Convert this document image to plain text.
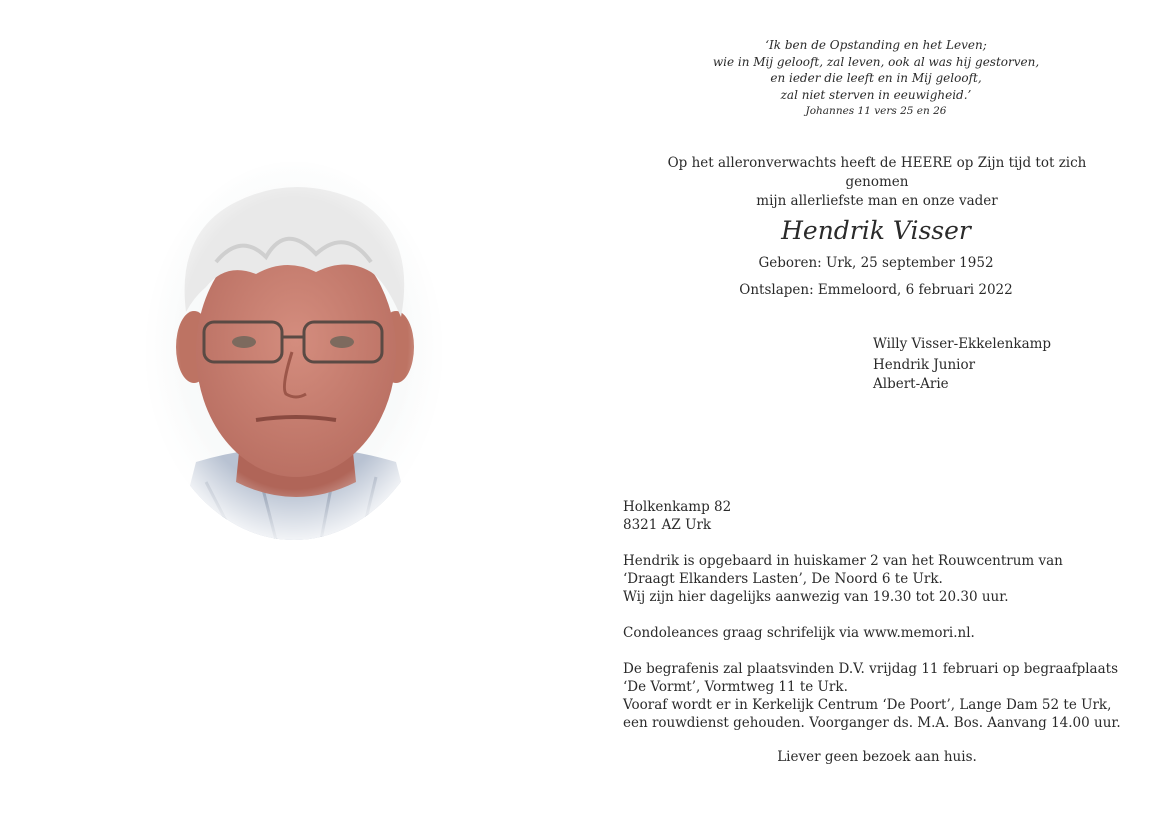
‘Ik ben de Opstanding en het Leven;
wie in Mij gelooft, zal leven, ook al was hij gestorven,
en ieder die leeft en in Mij gelooft,
zal niet sterven in eeuwigheid.’
Johannes 11 vers 25 en 26
Op het alleronverwachts heeft de HEERE op Zijn tijd tot zich genomen
mijn allerliefste man en onze vader
Hendrik Visser
Geboren: Urk, 25 september 1952
Ontslapen: Emmeloord, 6 februari 2022
Willy Visser-Ekkelenkamp
Hendrik Junior
Albert-Arie
Holkenkamp 82
8321 AZ Urk
Hendrik is opgebaard in huiskamer 2 van het Rouwcentrum van
‘Draagt Elkanders Lasten’, De Noord 6 te Urk.
Wij zijn hier dagelijks aanwezig van 19.30 tot 20.30 uur.
Condoleances graag schrifelijk via www.memori.nl.
De begrafenis zal plaatsvinden D.V. vrijdag 11 februari op begraafplaats
‘De Vormt’, Vormtweg 11 te Urk.
Vooraf wordt er in Kerkelijk Centrum ‘De Poort’, Lange Dam 52 te Urk,
een rouwdienst gehouden. Voorganger ds. M.A. Bos. Aanvang 14.00 uur.
Liever geen bezoek aan huis.
